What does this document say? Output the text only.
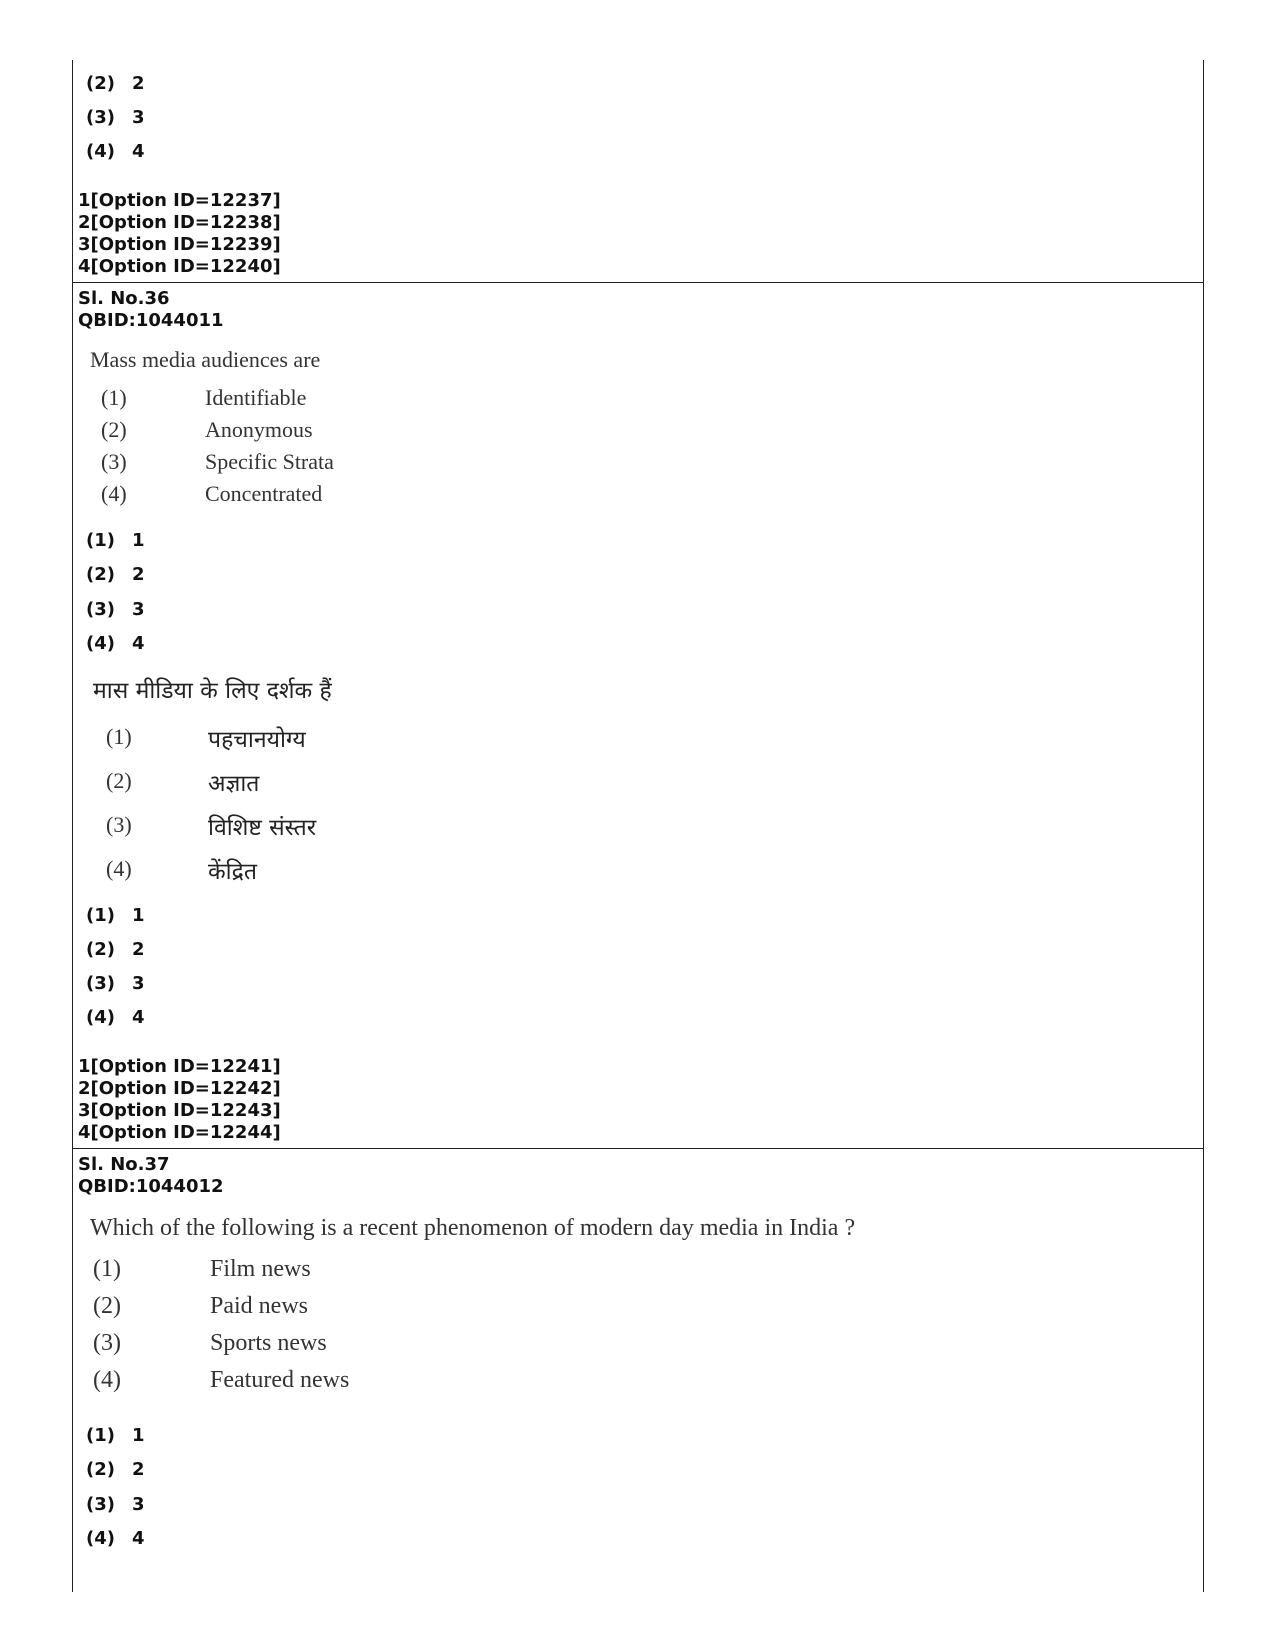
(2) 2
(3) 3
(4) 4
1[Option ID=12237]
2[Option ID=12238]
3[Option ID=12239]
4[Option ID=12240]
Sl. No.36
QBID:1044011
Mass media audiences are
(1)	Identifiable
(2)	Anonymous
(3)	Specific Strata
(4)	Concentrated
(1) 1
(2) 2
(3) 3
(4) 4
मास मीडिया के लिए दर्शक हैं
(1)	पहचानयोग्य
(2)	अज्ञात
(3)	विशिष्ट संस्तर
(4)	केंद्रित
(1) 1
(2) 2
(3) 3
(4) 4
1[Option ID=12241]
2[Option ID=12242]
3[Option ID=12243]
4[Option ID=12244]
Sl. No.37
QBID:1044012
Which of the following is a recent phenomenon of modern day media in India ?
(1)	Film news
(2)	Paid news
(3)	Sports news
(4)	Featured news
(1) 1
(2) 2
(3) 3
(4) 4
